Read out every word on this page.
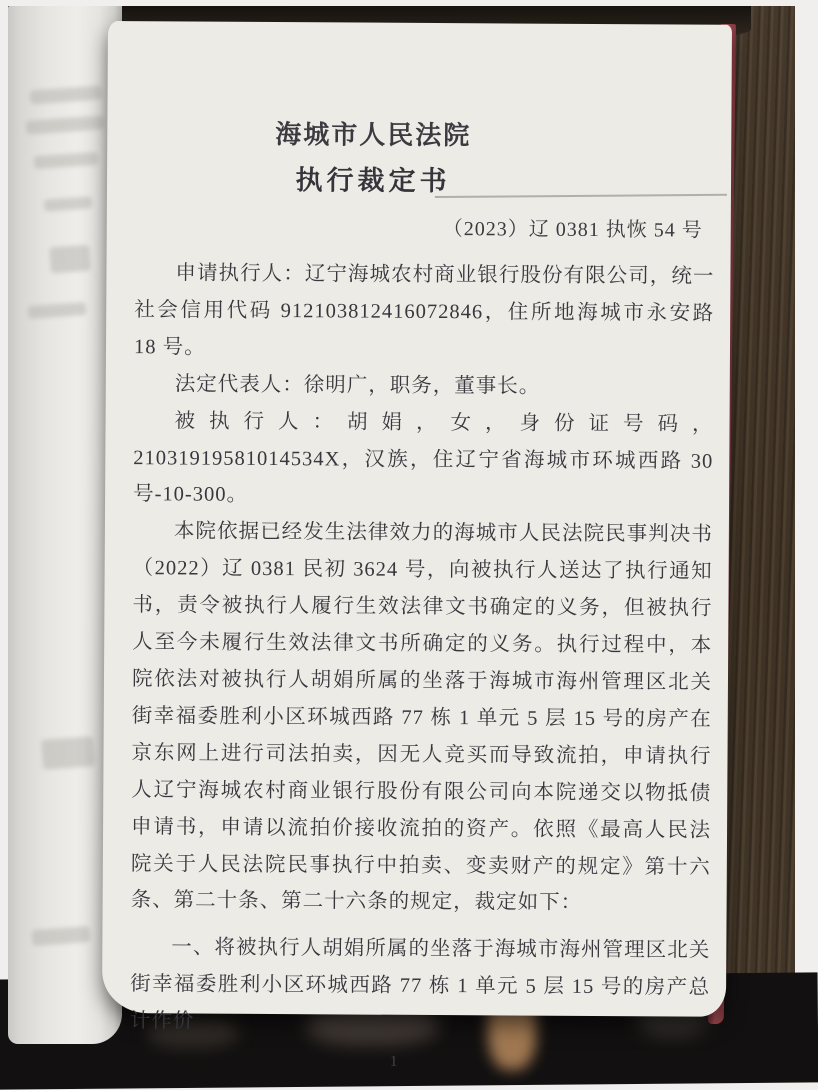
海城市人民法院
执行裁定书
（2023）辽 0381 执恢 54 号

申请执行人：辽宁海城农村商业银行股份有限公司，统一社会信用代码 912103812416072846，住所地海城市永安路 18 号。

法定代表人：徐明广，职务，董事长。

被执行人：胡娟，女，身份证号码，21031919581014534X，汉族，住辽宁省海城市环城西路 30 号-10-300。

本院依据已经发生法律效力的海城市人民法院民事判决书（2022）辽 0381 民初 3624 号，向被执行人送达了执行通知书，责令被执行人履行生效法律文书确定的义务，但被执行人至今未履行生效法律文书所确定的义务。执行过程中，本院依法对被执行人胡娟所属的坐落于海城市海州管理区北关街幸福委胜利小区环城西路 77 栋 1 单元 5 层 15 号的房产在京东网上进行司法拍卖，因无人竞买而导致流拍，申请执行人辽宁海城农村商业银行股份有限公司向本院递交以物抵债申请书，申请以流拍价接收流拍的资产。依照《最高人民法院关于人民法院民事执行中拍卖、变卖财产的规定》第十六条、第二十条、第二十六条的规定，裁定如下：

一、将被执行人胡娟所属的坐落于海城市海州管理区北关街幸福委胜利小区环城西路 77 栋 1 单元 5 层 15 号的房产总计作价

1
